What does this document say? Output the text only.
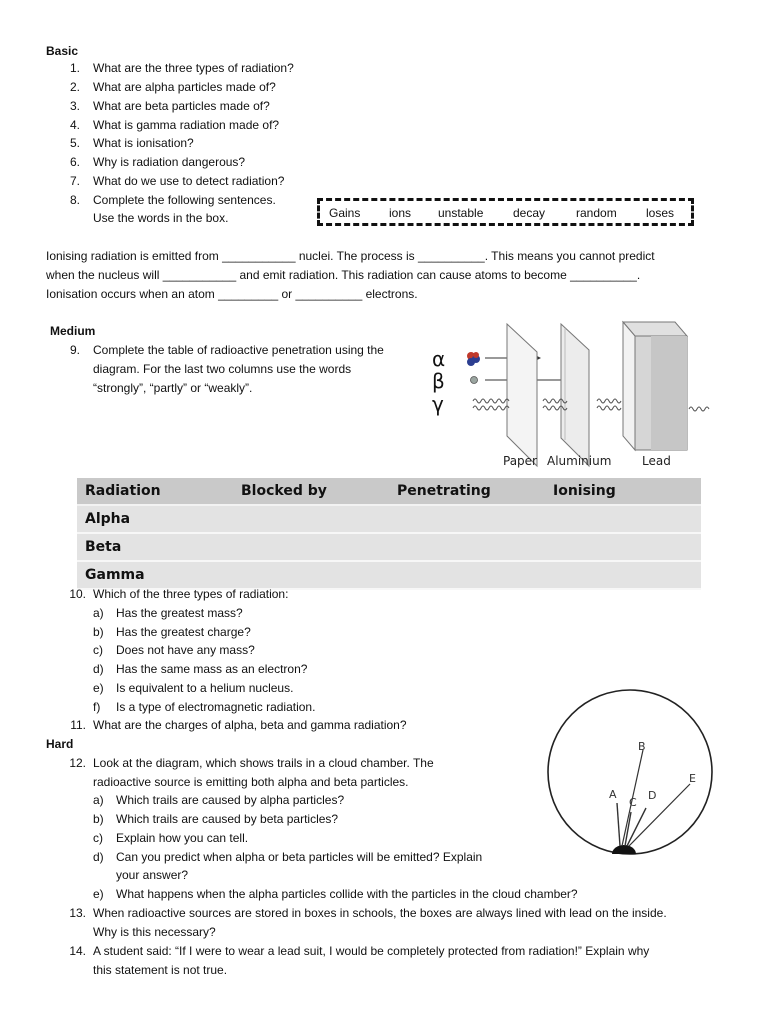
Basic
1. What are the three types of radiation?
2. What are alpha particles made of?
3. What are beta particles made of?
4. What is gamma radiation made of?
5. What is ionisation?
6. Why is radiation dangerous?
7. What do we use to detect radiation?
8. Complete the following sentences.
Use the words in the box.	Gains ions unstable decay	random loses
Ionising radiation is emitted from ___________ nuclei. The process is __________. This means you cannot predict
when the nucleus will ___________ and emit radiation. This radiation can cause atoms to become __________.
Ionisation occurs when an atom _________ or __________ electrons.
Medium
9. Complete the table of radioactive penetration using the
diagram. For the last two columns use the words
“strongly”, “partly” or “weakly”.
α
β
γ
Paper Aluminium	Lead
Radiation	Blocked by	Penetrating	Ionising
Alpha			
Beta			
Gamma			
10. Which of the three types of radiation:
a) Has the greatest mass?
b) Has the greatest charge?
c) Does not have any mass?
d) Has the same mass as an electron?
e) Is equivalent to a helium nucleus.
f) Is a type of electromagnetic radiation.
11. What are the charges of alpha, beta and gamma radiation?
Hard
12. Look at the diagram, which shows trails in a cloud chamber. The
radioactive source is emitting both alpha and beta particles.
a) Which trails are caused by alpha particles?
b) Which trails are caused by beta particles?
c) Explain how you can tell.
d) Can you predict when alpha or beta particles will be emitted? Explain
your answer?
e) What happens when the alpha particles collide with the particles in the cloud chamber?
A
B
C
D
E
13. When radioactive sources are stored in boxes in schools, the boxes are always lined with lead on the inside.
Why is this necessary?
14. A student said: “If I were to wear a lead suit, I would be completely protected from radiation!” Explain why
this statement is not true.
